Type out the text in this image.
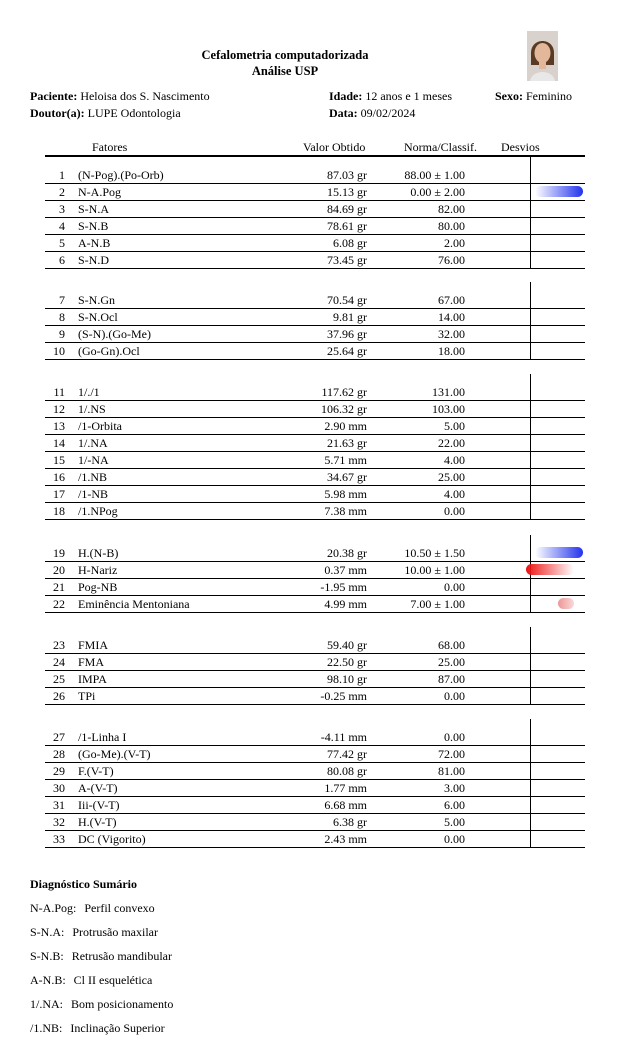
Cefalometria computadorizada
Análise USP
Paciente: Heloisa dos S. Nascimento	Idade: 12 anos e 1 meses	Sexo: Feminino
Doutor(a): LUPE Odontologia	Data: 09/02/2024
Fatores	Valor Obtido	Norma/Classif. Desvios
1 (N-Pog).(Po-Orb)	87.03 gr	88.00 ± 1.00
2 N-A.Pog	15.13 gr	0.00 ± 2.00
3 S-N.A	84.69 gr	82.00
4 S-N.B	78.61 gr	80.00
5 A-N.B	6.08 gr	2.00
6 S-N.D	73.45 gr	76.00
7 S-N.Gn	70.54 gr	67.00
8 S-N.Ocl	9.81 gr	14.00
9 (S-N).(Go-Me)	37.96 gr	32.00
10 (Go-Gn).Ocl	25.64 gr	18.00
11 1/./1	117.62 gr	131.00
12 1/.NS	106.32 gr	103.00
13 /1-Orbita	2.90 mm	5.00
14 1/.NA	21.63 gr	22.00
15 1/-NA	5.71 mm	4.00
16 /1.NB	34.67 gr	25.00
17 /1-NB	5.98 mm	4.00
18 /1.NPog	7.38 mm	0.00
19 H.(N-B)	20.38 gr	10.50 ± 1.50
20 H-Nariz	0.37 mm	10.00 ± 1.00
21 Pog-NB	-1.95 mm	0.00
22 Eminência Mentoniana	4.99 mm	7.00 ± 1.00
23 FMIA	59.40 gr	68.00
24 FMA	22.50 gr	25.00
25 IMPA	98.10 gr	87.00
26 TPi	-0.25 mm	0.00
27 /1-Linha I	-4.11 mm	0.00
28 (Go-Me).(V-T)	77.42 gr	72.00
29 F.(V-T)	80.08 gr	81.00
30 A-(V-T)	1.77 mm	3.00
31 Iii-(V-T)	6.68 mm	6.00
32 H.(V-T)	6.38 gr	5.00
33 DC (Vigorito)	2.43 mm	0.00
Diagnóstico Sumário
N-A.Pog: Perfil convexo
S-N.A: Protrusão maxilar
S-N.B: Retrusão mandibular
A-N.B: Cl II esquelética
1/.NA: Bom posicionamento
/1.NB: Inclinação Superior
